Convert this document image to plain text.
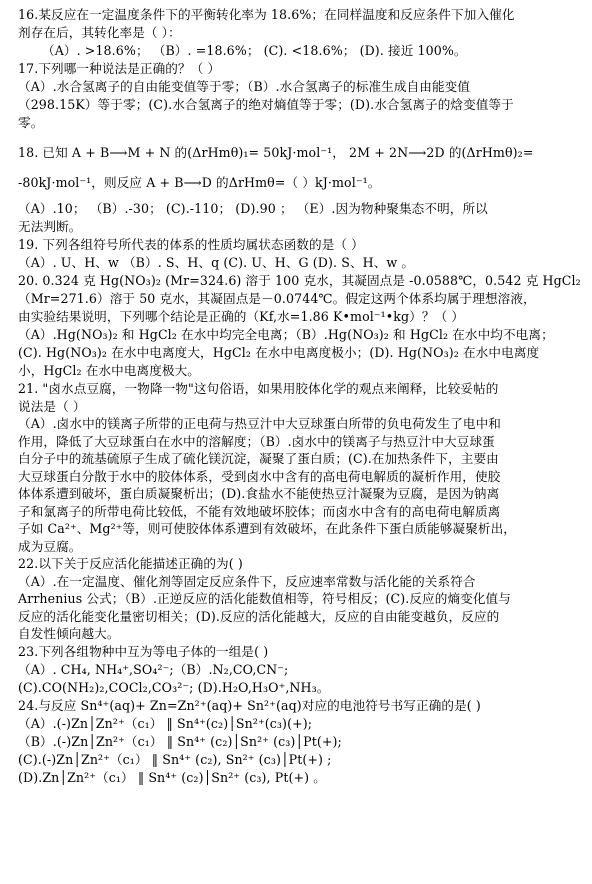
16.某反应在一定温度条件下的平衡转化率为 18.6%；在同样温度和反应条件下加入催化
剂存在后，其转化率是（ ）：
（A）. >18.6%； （B）. =18.6%； (C). <18.6%； (D). 接近 100%。
17.下列哪一种说法是正确的？（ ）
（A）.水合氢离子的自由能变值等于零；（B）.水合氢离子的标准生成自由能变值
（298.15K）等于零；(C).水合氢离子的绝对熵值等于零；(D).水合氢离子的焓变值等于
零。
18. 已知 A + B⟶M + N 的(ΔrHmθ)₁= 50kJ·mol⁻¹， 2M + 2N⟶2D 的(ΔrHmθ)₂=
-80kJ·mol⁻¹，则反应 A + B⟶D 的ΔrHmθ=（ ）kJ·mol⁻¹。
（A）.10； （B）.-30； (C).-110； (D).90 ； （E）.因为物种聚集态不明，所以
无法判断。
19. 下列各组符号所代表的体系的性质均属状态函数的是（ ）
（A）. U、H、w （B）. S、H、q (C). U、H、G (D). S、H、w 。
20. 0.324 克 Hg(NO₃)₂ (Mr=324.6) 溶于 100 克水，其凝固点是 -0.0588℃，0.542 克 HgCl₂
（Mr=271.6）溶于 50 克水，其凝固点是－0.0744℃。假定这两个体系均属于理想溶液，
由实验结果说明，下列哪个结论是正确的（Kf,水=1.86 K•mol⁻¹•kg）？（ ）
（A）.Hg(NO₃)₂ 和 HgCl₂ 在水中均完全电离；（B）.Hg(NO₃)₂ 和 HgCl₂ 在水中均不电离；
(C). Hg(NO₃)₂ 在水中电离度大，HgCl₂ 在水中电离度极小；(D). Hg(NO₃)₂ 在水中电离度
小，HgCl₂ 在水中电离度极大。
21. "卤水点豆腐，一物降一物"这句俗语，如果用胶体化学的观点来阐释，比较妥帖的
说法是（ ）
（A）.卤水中的镁离子所带的正电荷与热豆汁中大豆球蛋白所带的负电荷发生了电中和
作用，降低了大豆球蛋白在水中的溶解度；（B）.卤水中的镁离子与热豆汁中大豆球蛋
白分子中的巯基硫原子生成了硫化镁沉淀，凝聚了蛋白质；(C).在加热条件下，主要由
大豆球蛋白分散于水中的胶体体系，受到卤水中含有的高电荷电解质的凝析作用，使胶
体体系遭到破坏，蛋白质凝聚析出；(D).食盐水不能使热豆汁凝聚为豆腐，是因为钠离
子和氯离子的所带电荷比较低，不能有效地破坏胶体；而卤水中含有的高电荷电解质离
子如 Ca²⁺、Mg²⁺等，则可使胶体体系遭到有效破坏，在此条件下蛋白质能够凝聚析出，
成为豆腐。
22.以下关于反应活化能描述正确的为( )
（A）.在一定温度、催化剂等固定反应条件下，反应速率常数与活化能的关系符合
Arrhenius 公式；（B）.正逆反应的活化能数值相等，符号相反；(C).反应的熵变化值与
反应的活化能变化量密切相关；(D).反应的活化能越大，反应的自由能变越负，反应的
自发性倾向越大。
23.下列各组物种中互为等电子体的一组是( )
（A）. CH₄, NH₄⁺,SO₄²⁻;（B）.N₂,CO,CN⁻;
(C).CO(NH₂)₂,COCl₂,CO₃²⁻; (D).H₂O,H₃O⁺,NH₃。
24.与反应 Sn⁴⁺(aq)+ Zn=Zn²⁺(aq)+ Sn²⁺(aq)对应的电池符号书写正确的是( )
（A）.(-)Zn│Zn²⁺（c₁） ‖ Sn⁴⁺(c₂)│Sn²⁺(c₃)(+);
（B）.(-)Zn│Zn²⁺（c₁） ‖ Sn⁴⁺ (c₂)│Sn²⁺ (c₃)│Pt(+);
(C).(-)Zn│Zn²⁺（c₁） ‖ Sn⁴⁺ (c₂), Sn²⁺ (c₃)│Pt(+) ;
(D).Zn│Zn²⁺（c₁） ‖ Sn⁴⁺ (c₂)│Sn²⁺ (c₃), Pt(+) 。
